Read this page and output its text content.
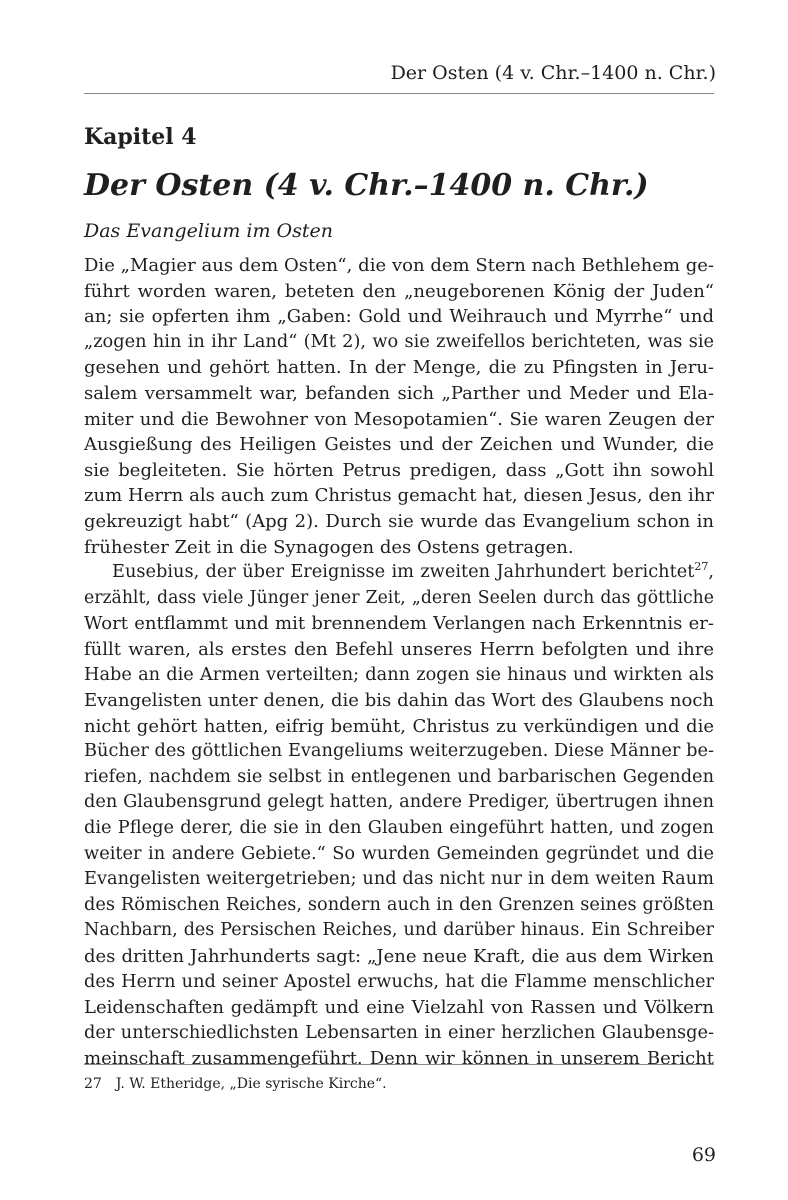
Der Osten (4 v. Chr.–1400 n. Chr.)
Kapitel 4
Der Osten (4 v. Chr.–1400 n. Chr.)
Das Evangelium im Osten
Die „Magier aus dem Osten“, die von dem Stern nach Bethlehem ge-
führt worden waren, beteten den „neugeborenen König der Juden“
an; sie opferten ihm „Gaben: Gold und Weihrauch und Myrrhe“ und
„zogen hin in ihr Land“ (Mt 2), wo sie zweifellos berichteten, was sie
gesehen und gehört hatten. In der Menge, die zu Pfingsten in Jeru-
salem versammelt war, befanden sich „Parther und Meder und Ela-
miter und die Bewohner von Mesopotamien“. Sie waren Zeugen der
Ausgießung des Heiligen Geistes und der Zeichen und Wunder, die
sie begleiteten. Sie hörten Petrus predigen, dass „Gott ihn sowohl
zum Herrn als auch zum Christus gemacht hat, diesen Jesus, den ihr
gekreuzigt habt“ (Apg 2). Durch sie wurde das Evangelium schon in
frühester Zeit in die Synagogen des Ostens getragen.
Eusebius, der über Ereignisse im zweiten Jahrhundert berichtet$^{27}$,
erzählt, dass viele Jünger jener Zeit, „deren Seelen durch das göttliche
Wort entflammt und mit brennendem Verlangen nach Erkenntnis er-
füllt waren, als erstes den Befehl unseres Herrn befolgten und ihre
Habe an die Armen verteilten; dann zogen sie hinaus und wirkten als
Evangelisten unter denen, die bis dahin das Wort des Glaubens noch
nicht gehört hatten, eifrig bemüht, Christus zu verkündigen und die
Bücher des göttlichen Evangeliums weiterzugeben. Diese Männer be-
riefen, nachdem sie selbst in entlegenen und barbarischen Gegenden
den Glaubensgrund gelegt hatten, andere Prediger, übertrugen ihnen
die Pflege derer, die sie in den Glauben eingeführt hatten, und zogen
weiter in andere Gebiete.“ So wurden Gemeinden gegründet und die
Evangelisten weitergetrieben; und das nicht nur in dem weiten Raum
des Römischen Reiches, sondern auch in den Grenzen seines größten
Nachbarn, des Persischen Reiches, und darüber hinaus. Ein Schreiber
des dritten Jahrhunderts sagt: „Jene neue Kraft, die aus dem Wirken
des Herrn und seiner Apostel erwuchs, hat die Flamme menschlicher
Leidenschaften gedämpft und eine Vielzahl von Rassen und Völkern
der unterschiedlichsten Lebensarten in einer herzlichen Glaubensge-
meinschaft zusammengeführt. Denn wir können in unserem Bericht
27 J. W. Etheridge, „Die syrische Kirche“.
69
